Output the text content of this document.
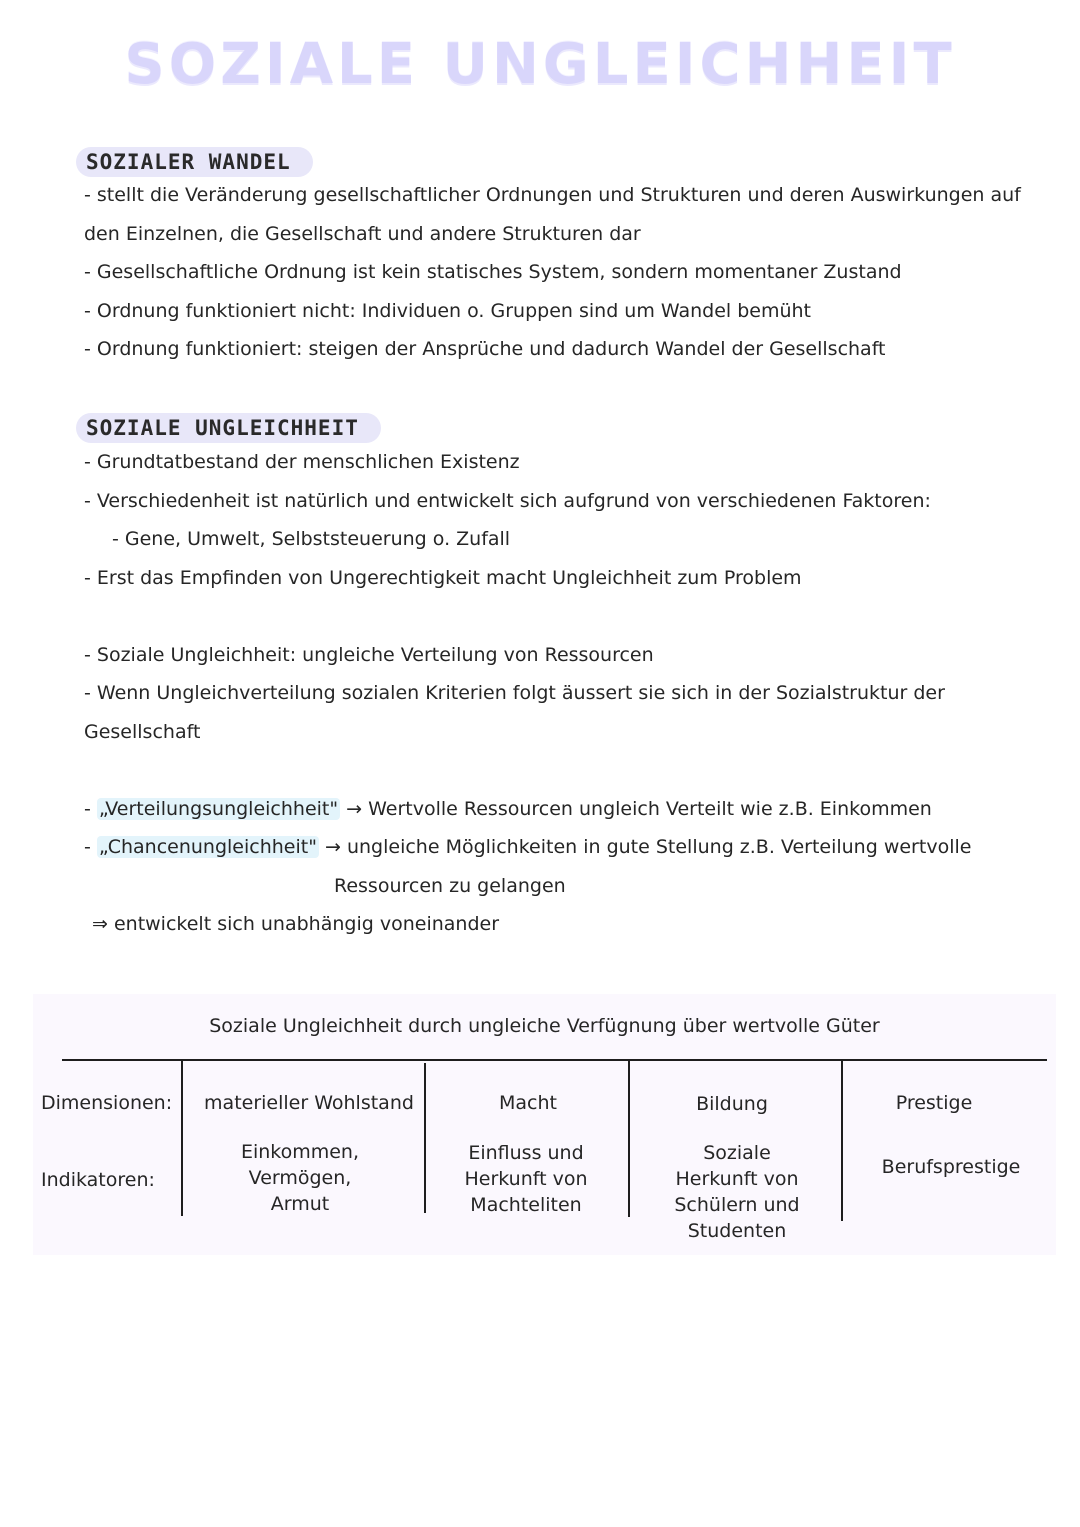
SOZIALE UNGLEICHHEIT
SOZIALER WANDEL
- stellt die Veränderung gesellschaftlicher Ordnungen und Strukturen und deren Auswirkungen auf
den Einzelnen, die Gesellschaft und andere Strukturen dar
- Gesellschaftliche Ordnung ist kein statisches System, sondern momentaner Zustand
- Ordnung funktioniert nicht: Individuen o. Gruppen sind um Wandel bemüht
- Ordnung funktioniert: steigen der Ansprüche und dadurch Wandel der Gesellschaft
SOZIALE UNGLEICHHEIT
- Grundtatbestand der menschlichen Existenz
- Verschiedenheit ist natürlich und entwickelt sich aufgrund von verschiedenen Faktoren:
- Gene, Umwelt, Selbststeuerung o. Zufall
- Erst das Empfinden von Ungerechtigkeit macht Ungleichheit zum Problem
- Soziale Ungleichheit: ungleiche Verteilung von Ressourcen
- Wenn Ungleichverteilung sozialen Kriterien folgt äussert sie sich in der Sozialstruktur der
Gesellschaft
- „Verteilungsungleichheit" → Wertvolle Ressourcen ungleich Verteilt wie z.B. Einkommen
- „Chancenungleichheit" → ungleiche Möglichkeiten in gute Stellung z.B. Verteilung wertvolle
Ressourcen zu gelangen
⇒ entwickelt sich unabhängig voneinander
Soziale Ungleichheit durch ungleiche Verfügnung über wertvolle Güter
Dimensionen:
Indikatoren:
materieller Wohlstand
Einkommen,
Vermögen,
Armut
Macht
Einfluss und
Herkunft von
Machteliten
Bildung
Soziale
Herkunft von
Schülern und
Studenten
Prestige
Berufsprestige
